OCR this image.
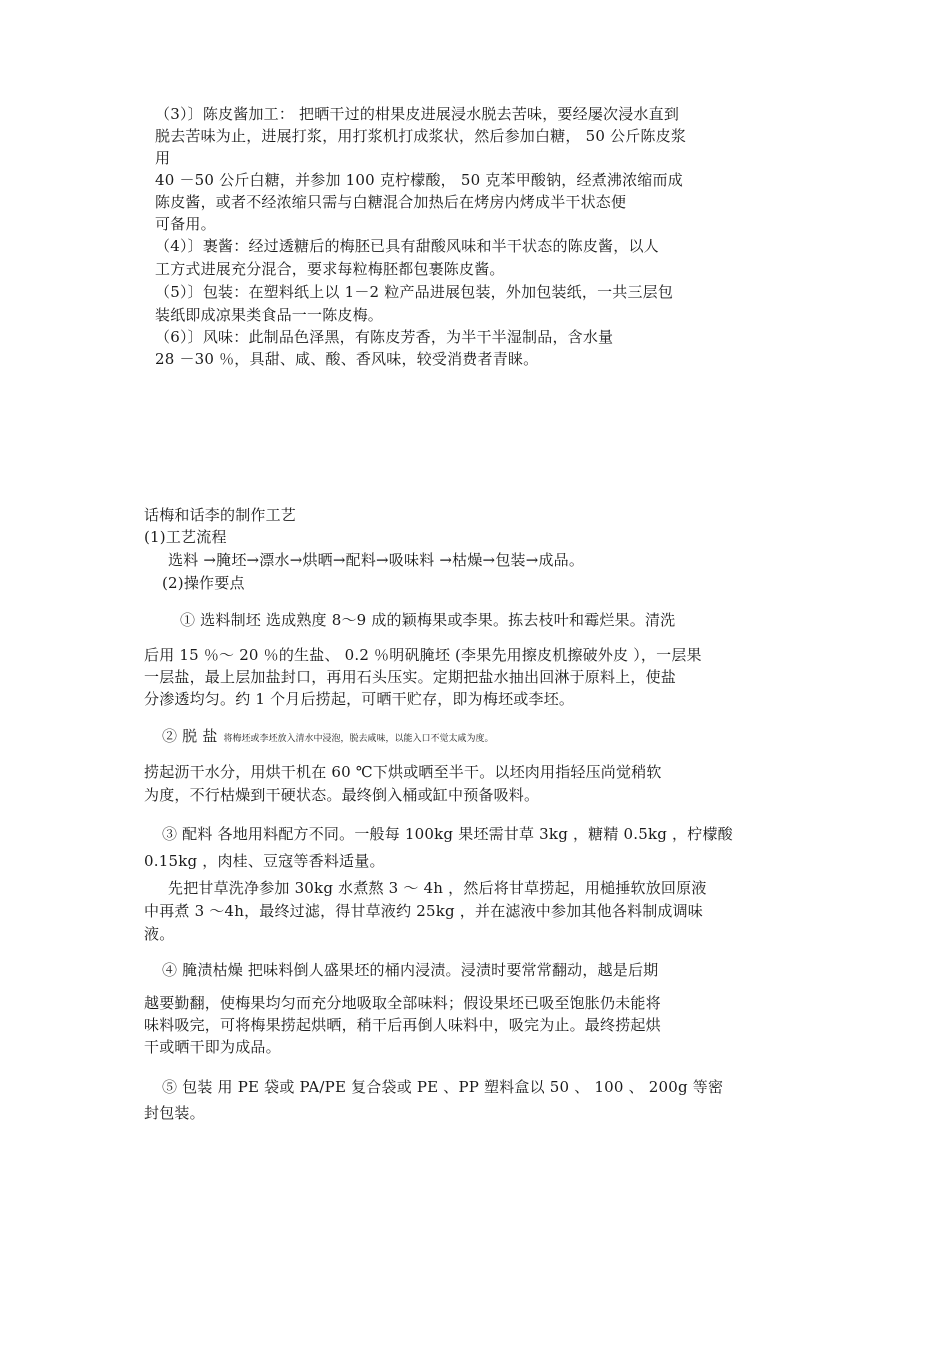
（3）〕陈皮酱加工： 把晒干过的柑果皮进展浸水脱去苦味，要经屡次浸水直到
脱去苦味为止，进展打浆，用打浆机打成浆状，然后参加白糖， 50 公斤陈皮浆
用
40 －50 公斤白糖，并参加 100 克柠檬酸， 50 克苯甲酸钠，经煮沸浓缩而成
陈皮酱，或者不经浓缩只需与白糖混合加热后在烤房内烤成半干状态便
可备用。
（4）〕裹酱：经过透糖后的梅胚已具有甜酸风味和半干状态的陈皮酱，以人
工方式进展充分混合，要求每粒梅胚都包裹陈皮酱。
（5）〕包装：在塑料纸上以 1－2 粒产品进展包装，外加包装纸，一共三层包
装纸即成凉果类食品一一陈皮梅。
（6）〕风味：此制品色泽黑，有陈皮芳香，为半干半湿制品，含水量
28 －30 ％，具甜、咸、酸、香风味，较受消费者青睐。
话梅和话李的制作工艺
(1)工艺流程
选料 →腌坯→漂水→烘晒→配料→吸味料 →枯燥→包装→成品。
(2)操作要点
① 选料制坯 选成熟度 8～9 成的颖梅果或李果。拣去枝叶和霉烂果。清洗
后用 15 ％～ 20 ％的生盐、 0.2 ％明矾腌坯 (李果先用擦皮机擦破外皮 ），一层果
一层盐，最上层加盐封口，再用石头压实。定期把盐水抽出回淋于原料上，使盐
分渗透均匀。约 1 个月后捞起，可晒干贮存，即为梅坯或李坯。
② 脱 盐 将梅坯或李坯放入清水中浸泡，脱去咸味，以能入口不觉太咸为度。
捞起沥干水分，用烘干机在 60 ℃下烘或晒至半干。以坯肉用指轻压尚觉稍软
为度，不行枯燥到干硬状态。最终倒入桶或缸中预备吸料。
③ 配料 各地用料配方不同。一般每 100kg 果坯需甘草 3kg ，糖精 0.5kg ，柠檬酸
0.15kg ，肉桂、豆寇等香料适量。
先把甘草洗净参加 30kg 水煮熬 3 ～ 4h ，然后将甘草捞起，用槌捶软放回原液
中再煮 3 ～4h，最终过滤，得甘草液约 25kg ，并在滤液中参加其他各料制成调味
液。
④ 腌渍枯燥 把味料倒人盛果坯的桶内浸渍。浸渍时要常常翻动，越是后期
越要勤翻，使梅果均匀而充分地吸取全部味料；假设果坯已吸至饱胀仍未能将
味料吸完，可将梅果捞起烘晒，稍干后再倒人味料中，吸完为止。最终捞起烘
干或晒干即为成品。
⑤ 包装 用 PE 袋或 PA/PE 复合袋或 PE 、PP 塑料盒以 50 、 100 、 200g 等密
封包装。
